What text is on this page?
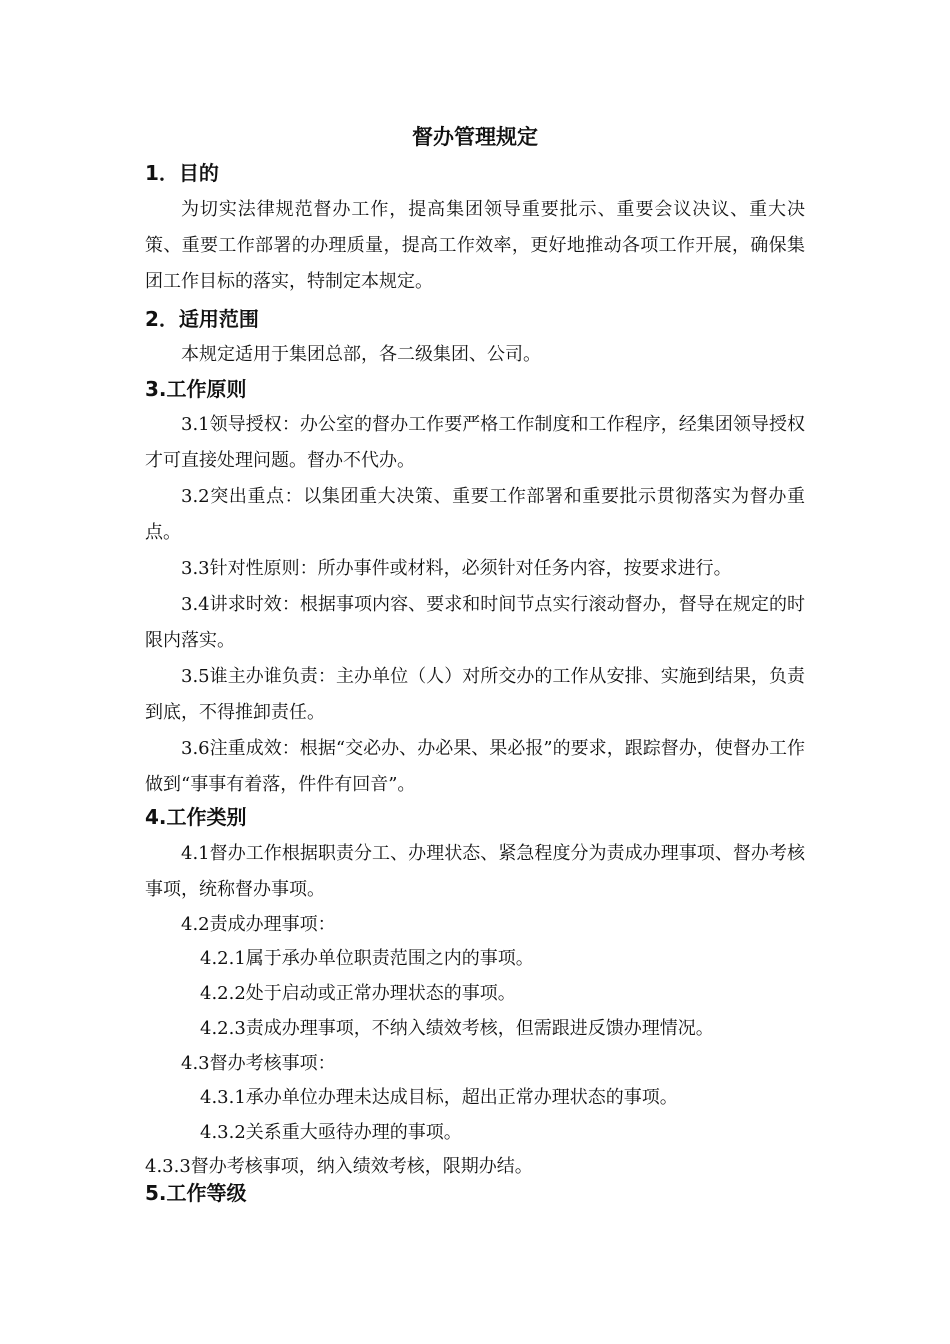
督办管理规定
1．目的
为切实法律规范督办工作，提高集团领导重要批示、重要会议决议、重大决策、重要工作部署的办理质量，提高工作效率，更好地推动各项工作开展，确保集团工作目标的落实，特制定本规定。
2．适用范围
本规定适用于集团总部，各二级集团、公司。
3.工作原则
3.1领导授权：办公室的督办工作要严格工作制度和工作程序，经集团领导授权才可直接处理问题。督办不代办。
3.2突出重点：以集团重大决策、重要工作部署和重要批示贯彻落实为督办重点。
3.3针对性原则：所办事件或材料，必须针对任务内容，按要求进行。
3.4讲求时效：根据事项内容、要求和时间节点实行滚动督办，督导在规定的时限内落实。
3.5谁主办谁负责：主办单位（人）对所交办的工作从安排、实施到结果，负责到底，不得推卸责任。
3.6注重成效：根据“交必办、办必果、果必报”的要求，跟踪督办，使督办工作做到“事事有着落，件件有回音”。
4.工作类别
4.1督办工作根据职责分工、办理状态、紧急程度分为责成办理事项、督办考核事项，统称督办事项。
4.2责成办理事项：
4.2.1属于承办单位职责范围之内的事项。
4.2.2处于启动或正常办理状态的事项。
4.2.3责成办理事项，不纳入绩效考核，但需跟进反馈办理情况。
4.3督办考核事项：
4.3.1承办单位办理未达成目标，超出正常办理状态的事项。
4.3.2关系重大亟待办理的事项。
4.3.3督办考核事项，纳入绩效考核，限期办结。
5.工作等级
